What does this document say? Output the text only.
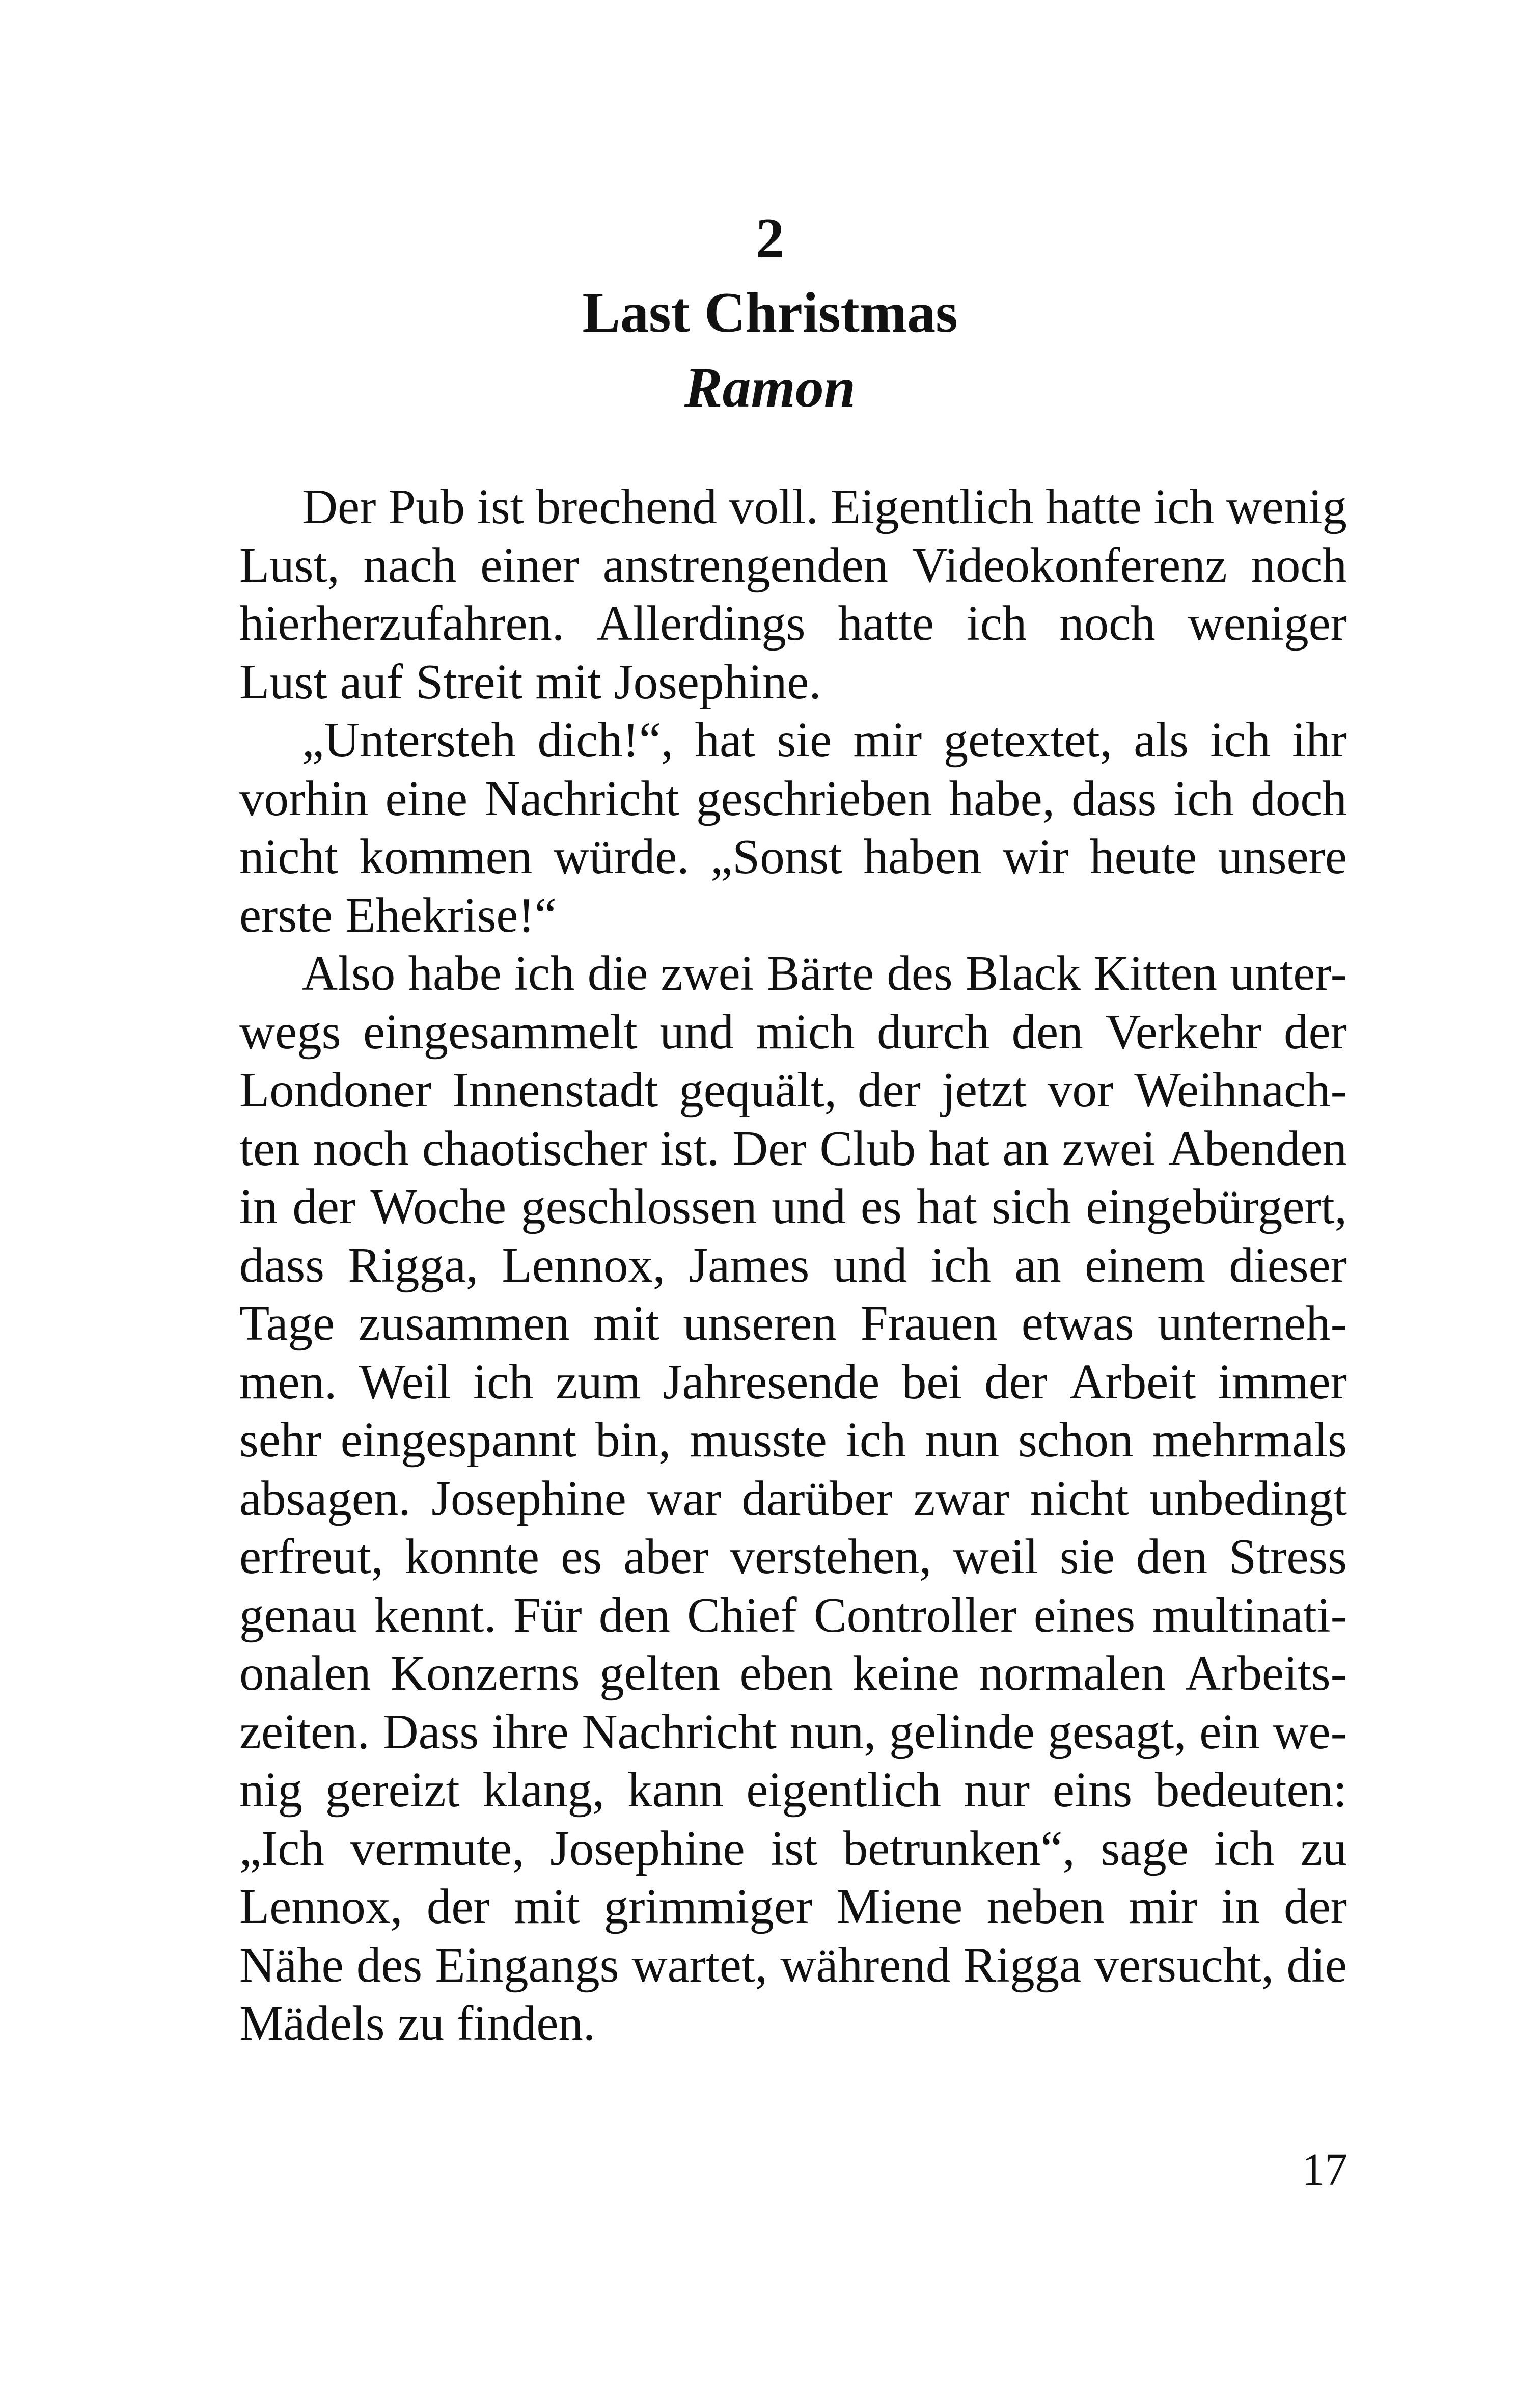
2
Last Christmas
Ramon
Der Pub ist brechend voll. Eigentlich hatte ich wenig
Lust, nach einer anstrengenden Videokonferenz noch
hierherzufahren. Allerdings hatte ich noch weniger
Lust auf Streit mit Josephine.
„Untersteh dich!“, hat sie mir getextet, als ich ihr
vorhin eine Nachricht geschrieben habe, dass ich doch
nicht kommen würde. „Sonst haben wir heute unsere
erste Ehekrise!“
Also habe ich die zwei Bärte des Black Kitten unter-
wegs eingesammelt und mich durch den Verkehr der
Londoner Innenstadt gequält, der jetzt vor Weihnach-
ten noch chaotischer ist. Der Club hat an zwei Abenden
in der Woche geschlossen und es hat sich eingebürgert,
dass Rigga, Lennox, James und ich an einem dieser
Tage zusammen mit unseren Frauen etwas unterneh-
men. Weil ich zum Jahresende bei der Arbeit immer
sehr eingespannt bin, musste ich nun schon mehrmals
absagen. Josephine war darüber zwar nicht unbedingt
erfreut, konnte es aber verstehen, weil sie den Stress
genau kennt. Für den Chief Controller eines multinati-
onalen Konzerns gelten eben keine normalen Arbeits-
zeiten. Dass ihre Nachricht nun, gelinde gesagt, ein we-
nig gereizt klang, kann eigentlich nur eins bedeuten:
„Ich vermute, Josephine ist betrunken“, sage ich zu
Lennox, der mit grimmiger Miene neben mir in der
Nähe des Eingangs wartet, während Rigga versucht, die
Mädels zu finden.
17
